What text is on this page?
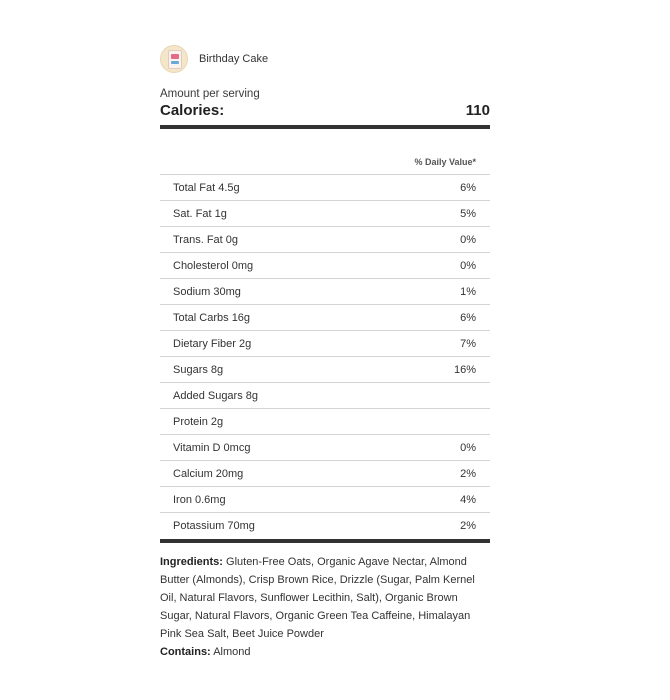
Birthday Cake
Amount per serving
Calories:	110
% Daily Value*
Total Fat 4.5g	6%
Sat. Fat 1g	5%
Trans. Fat 0g	0%
Cholesterol 0mg	0%
Sodium 30mg	1%
Total Carbs 16g	6%
Dietary Fiber 2g	7%
Sugars 8g	16%
Added Sugars 8g
Protein 2g
Vitamin D 0mcg	0%
Calcium 20mg	2%
Iron 0.6mg	4%
Potassium 70mg	2%
Ingredients: Gluten-Free Oats, Organic Agave Nectar, Almond Butter (Almonds), Crisp Brown Rice, Drizzle (Sugar, Palm Kernel Oil, Natural Flavors, Sunflower Lecithin, Salt), Organic Brown Sugar, Natural Flavors, Organic Green Tea Caffeine, Himalayan Pink Sea Salt, Beet Juice Powder
Contains: Almond
